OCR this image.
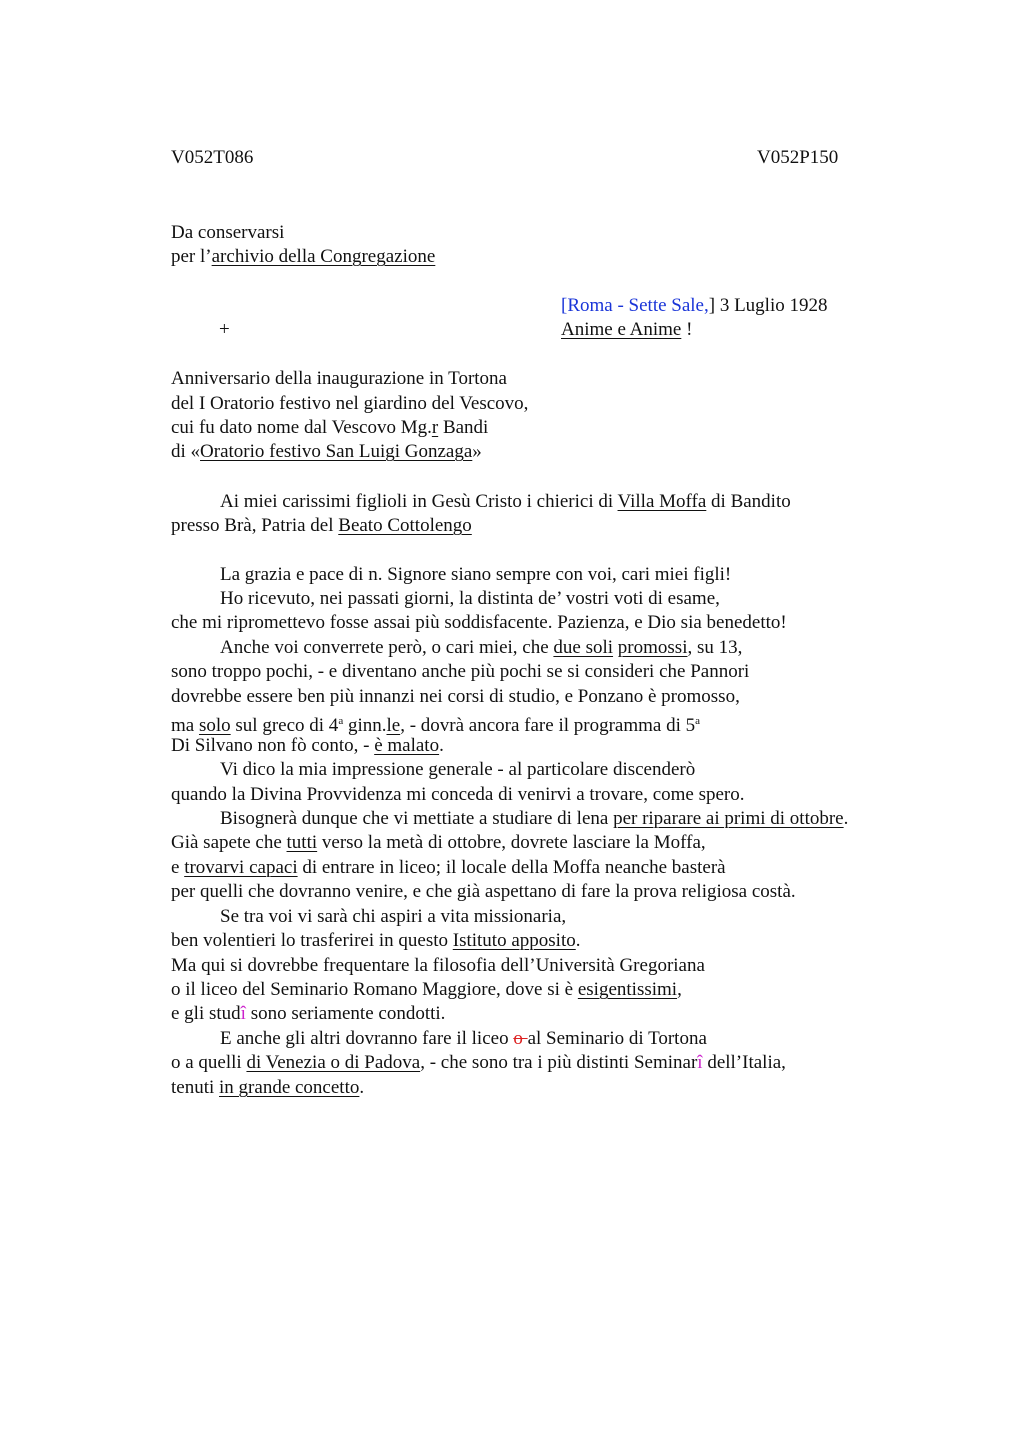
V052T086	V052P150
Da conservarsi
per l’archivio della Congregazione
[Roma - Sette Sale,] 3 Luglio 1928
+	Anime e Anime !
Anniversario della inaugurazione in Tortona
del I Oratorio festivo nel giardino del Vescovo,
cui fu dato nome dal Vescovo Mg.r Bandi
di «Oratorio festivo San Luigi Gonzaga»
Ai miei carissimi figlioli in Gesù Cristo i chierici di Villa Moffa di Bandito
presso Brà, Patria del Beato Cottolengo
La grazia e pace di n. Signore siano sempre con voi, cari miei figli!
Ho ricevuto, nei passati giorni, la distinta de’ vostri voti di esame,
che mi ripromettevo fosse assai più soddisfacente. Pazienza, e Dio sia benedetto!
Anche voi converrete però, o cari miei, che due soli promossi, su 13,
sono troppo pochi, - e diventano anche più pochi se si consideri che Pannori
dovrebbe essere ben più innanzi nei corsi di studio, e Ponzano è promosso,
ma solo sul greco di 4$^a$ ginn.le, - dovrà ancora fare il programma di 5$^a$
Di Silvano non fò conto, - è malato.
Vi dico la mia impressione generale - al particolare discenderò
quando la Divina Provvidenza mi conceda di venirvi a trovare, come spero.
Bisognerà dunque che vi mettiate a studiare di lena per riparare ai primi di ottobre.
Già sapete che tutti verso la metà di ottobre, dovrete lasciare la Moffa,
e trovarvi capaci di entrare in liceo; il locale della Moffa neanche basterà
per quelli che dovranno venire, e che già aspettano di fare la prova religiosa costà.
Se tra voi vi sarà chi aspiri a vita missionaria,
ben volentieri lo trasferirei in questo Istituto apposito.
Ma qui si dovrebbe frequentare la filosofia dell’Università Gregoriana
o il liceo del Seminario Romano Maggiore, dove si è esigentissimi,
e gli studî sono seriamente condotti.
E anche gli altri dovranno fare il liceo o al Seminario di Tortona
o a quelli di Venezia o di Padova, - che sono tra i più distinti Seminarî dell’Italia,
tenuti in grande concetto.
